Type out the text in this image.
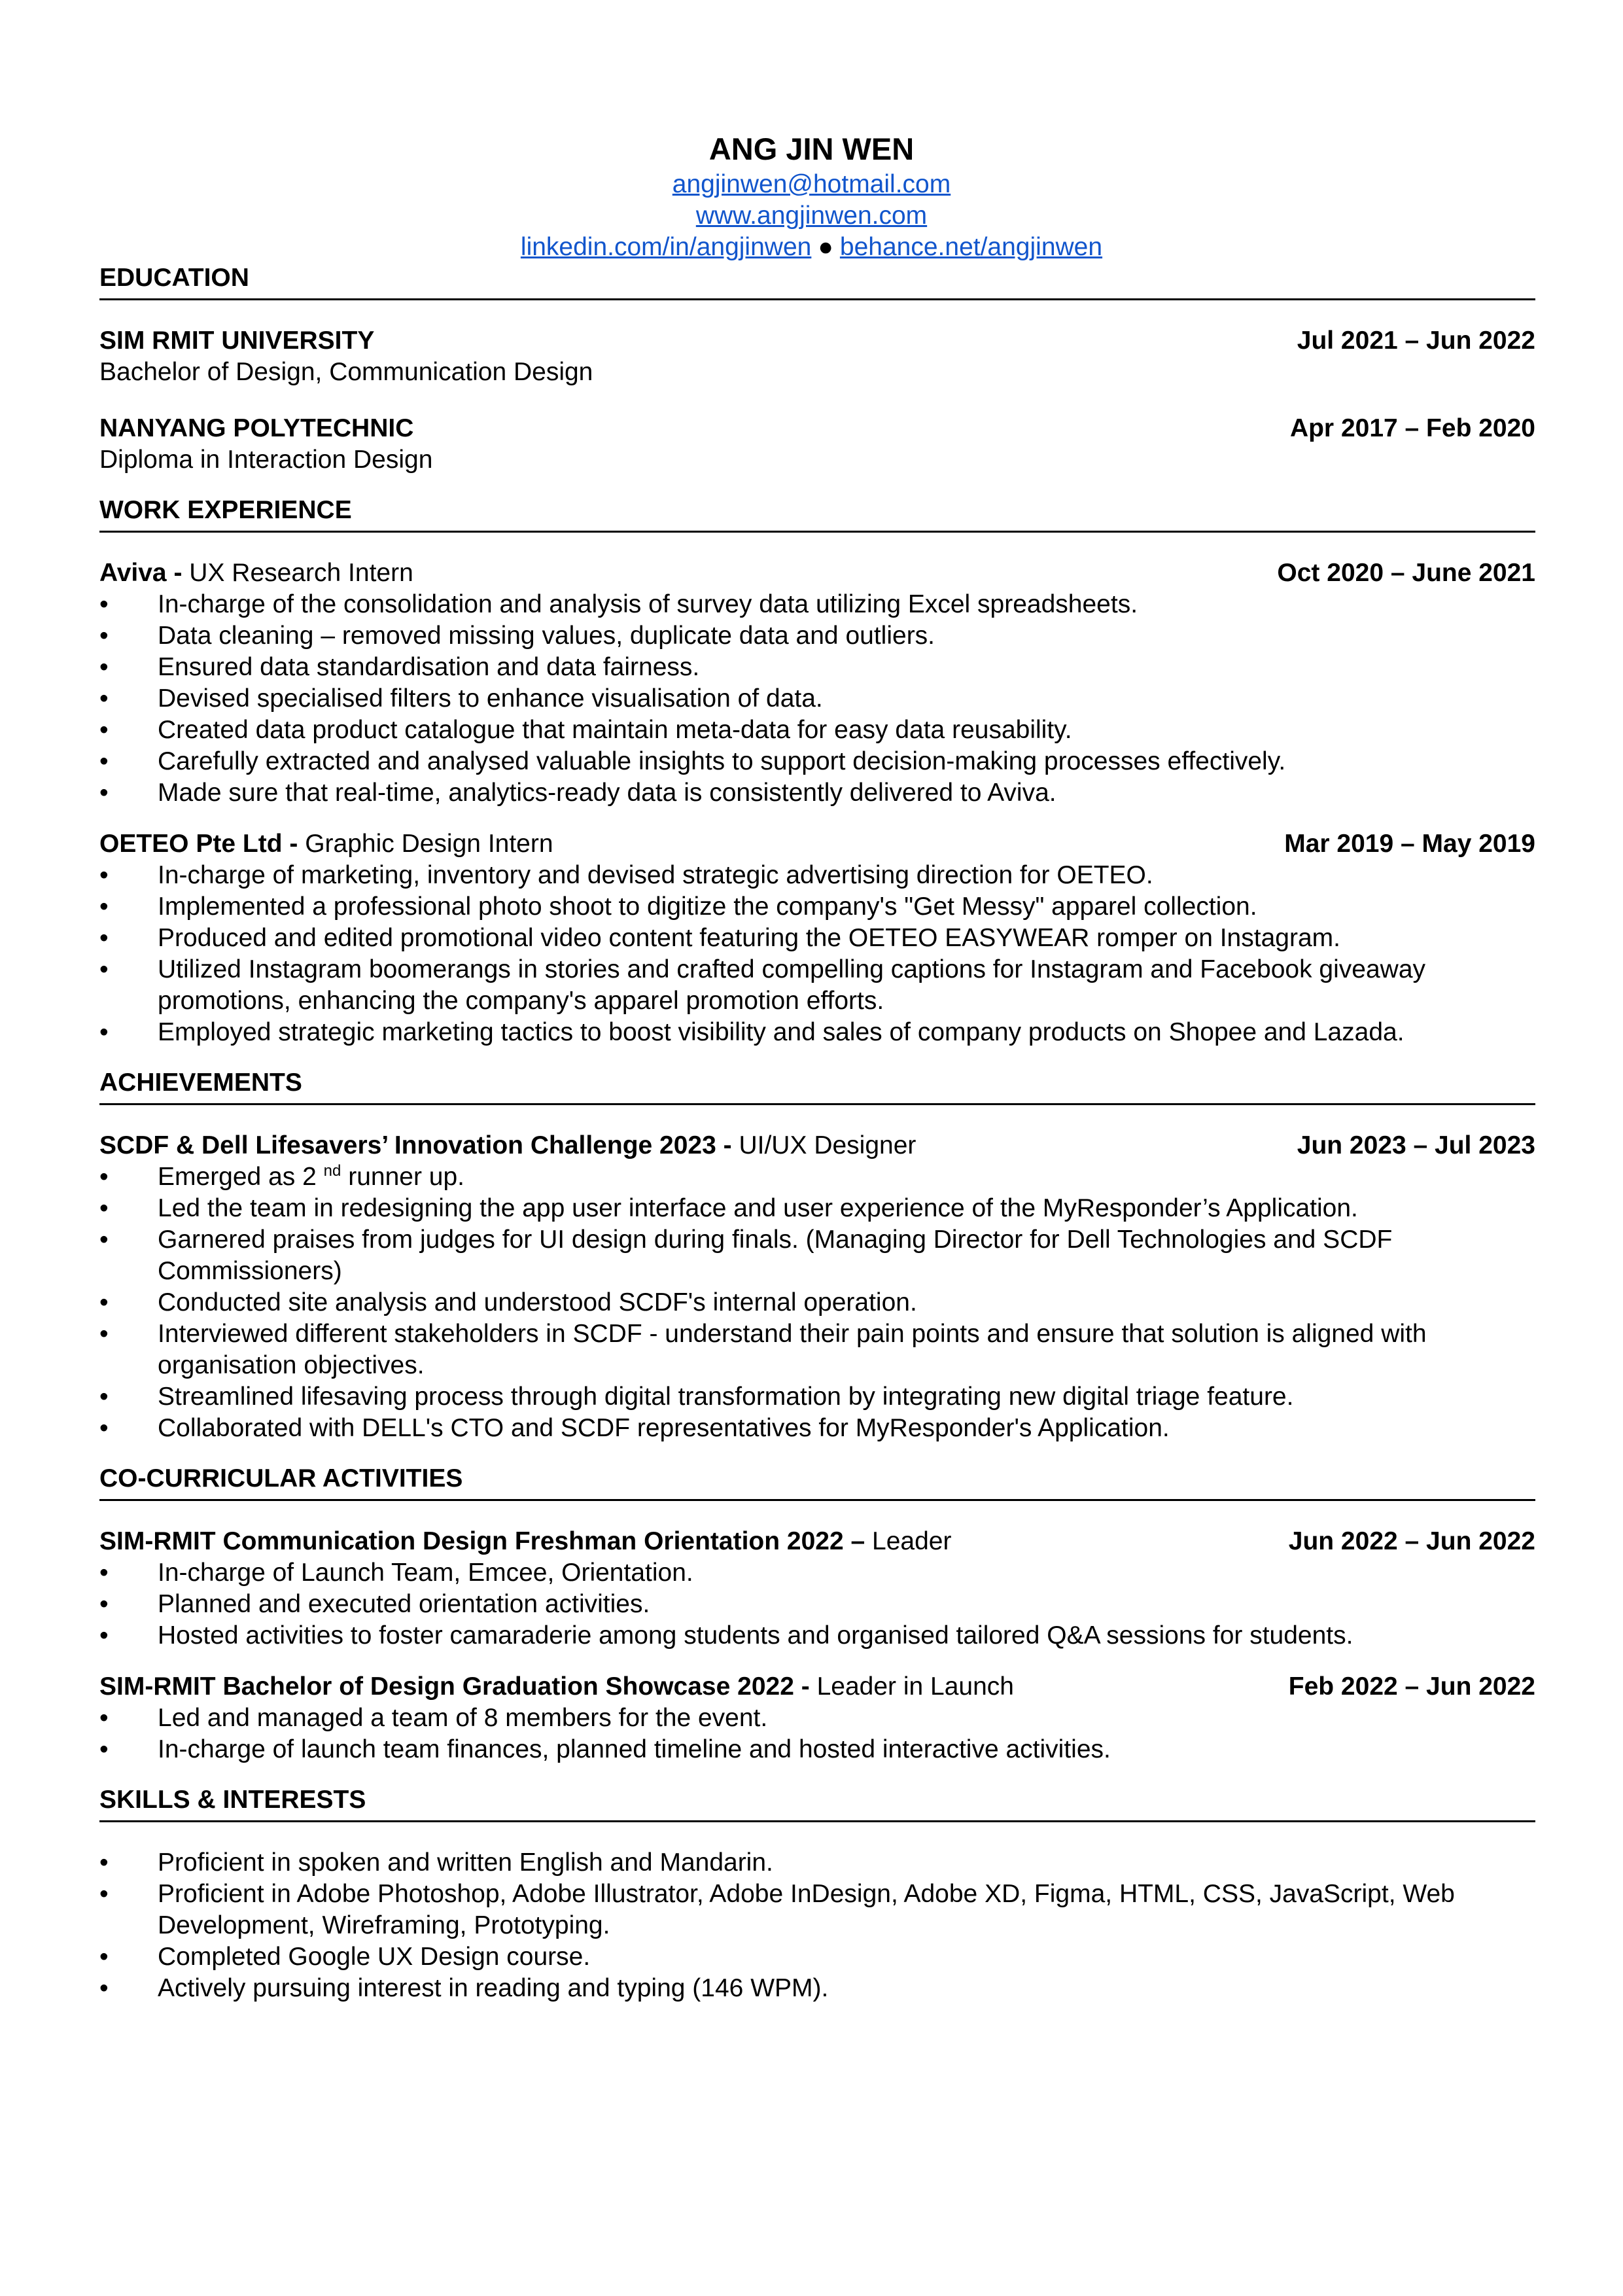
ANG JIN WEN
angjinwen@hotmail.com
www.angjinwen.com
linkedin.com/in/angjinwen ● behance.net/angjinwen
EDUCATION
SIM RMIT UNIVERSITY	Jul 2021 – Jun 2022
Bachelor of Design, Communication Design
NANYANG POLYTECHNIC	Apr 2017 – Feb 2020
Diploma in Interaction Design
WORK EXPERIENCE
Aviva - UX Research Intern	Oct 2020 – June 2021
• In-charge of the consolidation and analysis of survey data utilizing Excel spreadsheets.
• Data cleaning – removed missing values, duplicate data and outliers.
• Ensured data standardisation and data fairness.
• Devised specialised filters to enhance visualisation of data.
• Created data product catalogue that maintain meta-data for easy data reusability.
• Carefully extracted and analysed valuable insights to support decision-making processes effectively.
• Made sure that real-time, analytics-ready data is consistently delivered to Aviva.
OETEO Pte Ltd - Graphic Design Intern	Mar 2019 – May 2019
• In-charge of marketing, inventory and devised strategic advertising direction for OETEO.
• Implemented a professional photo shoot to digitize the company's "Get Messy" apparel collection.
• Produced and edited promotional video content featuring the OETEO EASYWEAR romper on Instagram.
• Utilized Instagram boomerangs in stories and crafted compelling captions for Instagram and Facebook giveaway promotions, enhancing the company's apparel promotion efforts.
• Employed strategic marketing tactics to boost visibility and sales of company products on Shopee and Lazada.
ACHIEVEMENTS
SCDF & Dell Lifesavers’ Innovation Challenge 2023 - UI/UX Designer	Jun 2023 – Jul 2023
• Emerged as 2 $^{nd}$ runner up.
• Led the team in redesigning the app user interface and user experience of the MyResponder’s Application.
• Garnered praises from judges for UI design during finals. (Managing Director for Dell Technologies and SCDF Commissioners)
• Conducted site analysis and understood SCDF's internal operation.
• Interviewed different stakeholders in SCDF - understand their pain points and ensure that solution is aligned with organisation objectives.
• Streamlined lifesaving process through digital transformation by integrating new digital triage feature.
• Collaborated with DELL's CTO and SCDF representatives for MyResponder's Application.
CO-CURRICULAR ACTIVITIES
SIM-RMIT Communication Design Freshman Orientation 2022 – Leader	Jun 2022 – Jun 2022
• In-charge of Launch Team, Emcee, Orientation.
• Planned and executed orientation activities.
• Hosted activities to foster camaraderie among students and organised tailored Q&A sessions for students.
SIM-RMIT Bachelor of Design Graduation Showcase 2022 - Leader in Launch	Feb 2022 – Jun 2022
• Led and managed a team of 8 members for the event.
• In-charge of launch team finances, planned timeline and hosted interactive activities.
SKILLS & INTERESTS
• Proficient in spoken and written English and Mandarin.
• Proficient in Adobe Photoshop, Adobe Illustrator, Adobe InDesign, Adobe XD, Figma, HTML, CSS, JavaScript, Web Development, Wireframing, Prototyping.
• Completed Google UX Design course.
• Actively pursuing interest in reading and typing (146 WPM).
